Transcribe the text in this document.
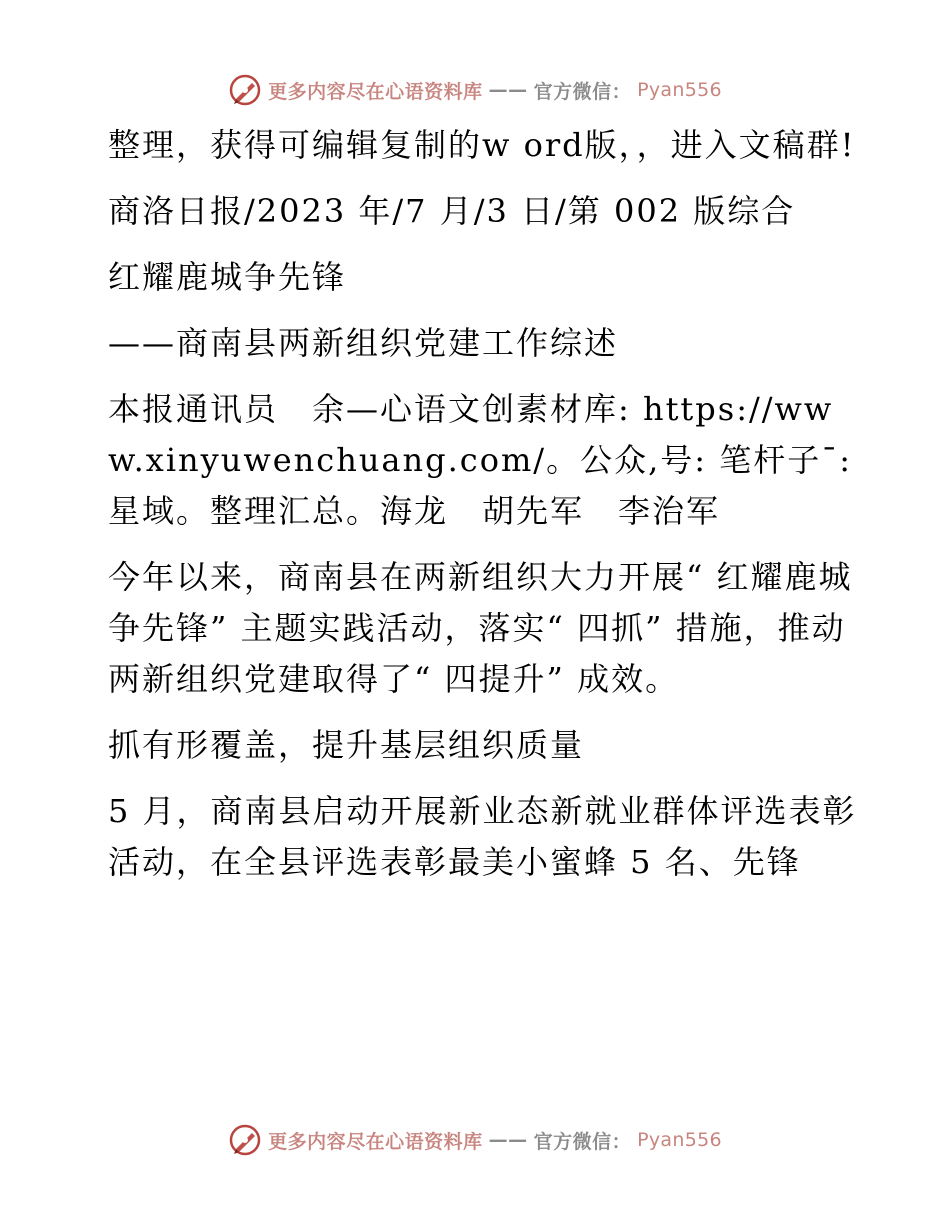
更多内容尽在心语资料库 —— 官方微信： Pyan556

整理，获得可编辑复制的w ord版，，进入文稿群!

商洛日报/2023 年/7 月/3 日/第 002 版综合

红耀鹿城争先锋

——商南县两新组织党建工作综述

本报通讯员　余—心语文创素材库: https://www.xinyuwenchuang.com/。公众,号: 笔杆子¯:星域。整理汇总。海龙　胡先军　李治军

今年以来，商南县在两新组织大力开展“ 红耀鹿城争先锋” 主题实践活动，落实“ 四抓” 措施，推动两新组织党建取得了“ 四提升” 成效。

抓有形覆盖，提升基层组织质量

5 月，商南县启动开展新业态新就业群体评选表彰活动，在全县评选表彰最美小蜜蜂 5 名、先锋

更多内容尽在心语资料库 —— 官方微信： Pyan556
